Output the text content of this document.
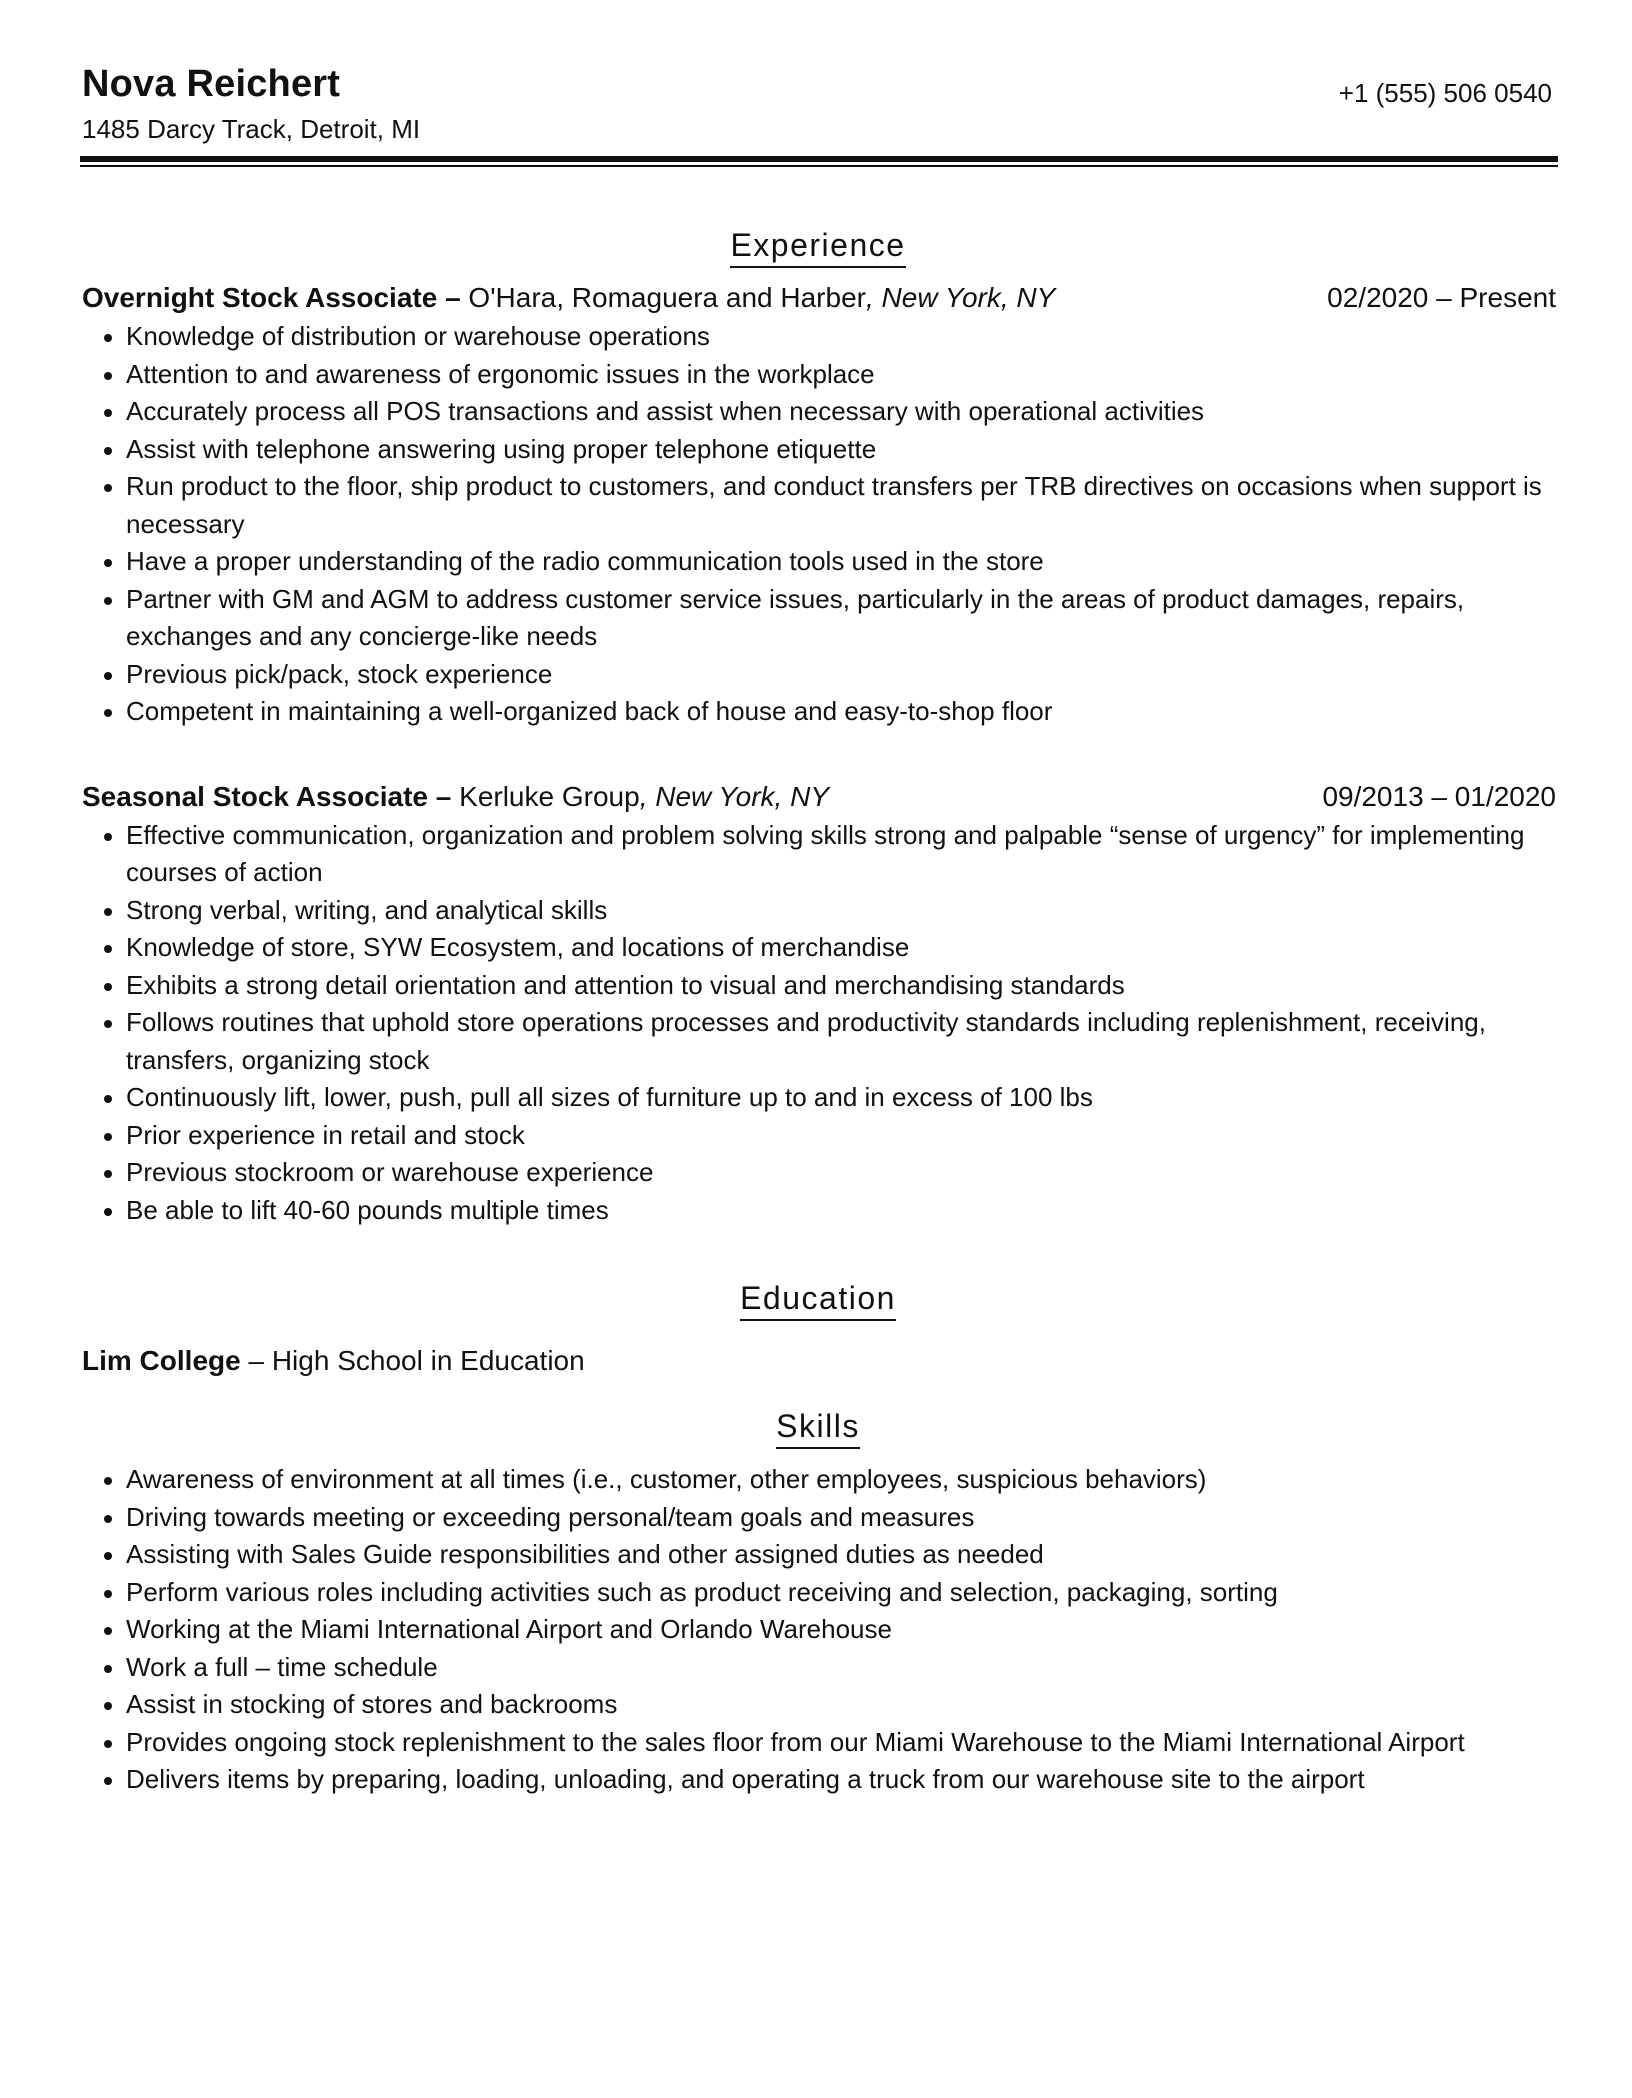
Nova Reichert
1485 Darcy Track, Detroit, MI
+1 (555) 506 0540
Experience
Overnight Stock Associate – O'Hara, Romaguera and Harber, New York, NY	02/2020 – Present
Knowledge of distribution or warehouse operations
Attention to and awareness of ergonomic issues in the workplace
Accurately process all POS transactions and assist when necessary with operational activities
Assist with telephone answering using proper telephone etiquette
Run product to the floor, ship product to customers, and conduct transfers per TRB directives on occasions when support is necessary
Have a proper understanding of the radio communication tools used in the store
Partner with GM and AGM to address customer service issues, particularly in the areas of product damages, repairs, exchanges and any concierge-like needs
Previous pick/pack, stock experience
Competent in maintaining a well-organized back of house and easy-to-shop floor
Seasonal Stock Associate – Kerluke Group, New York, NY	09/2013 – 01/2020
Effective communication, organization and problem solving skills strong and palpable “sense of urgency” for implementing courses of action
Strong verbal, writing, and analytical skills
Knowledge of store, SYW Ecosystem, and locations of merchandise
Exhibits a strong detail orientation and attention to visual and merchandising standards
Follows routines that uphold store operations processes and productivity standards including replenishment, receiving, transfers, organizing stock
Continuously lift, lower, push, pull all sizes of furniture up to and in excess of 100 lbs
Prior experience in retail and stock
Previous stockroom or warehouse experience
Be able to lift 40-60 pounds multiple times
Education
Lim College – High School in Education
Skills
Awareness of environment at all times (i.e., customer, other employees, suspicious behaviors)
Driving towards meeting or exceeding personal/team goals and measures
Assisting with Sales Guide responsibilities and other assigned duties as needed
Perform various roles including activities such as product receiving and selection, packaging, sorting
Working at the Miami International Airport and Orlando Warehouse
Work a full – time schedule
Assist in stocking of stores and backrooms
Provides ongoing stock replenishment to the sales floor from our Miami Warehouse to the Miami International Airport
Delivers items by preparing, loading, unloading, and operating a truck from our warehouse site to the airport
